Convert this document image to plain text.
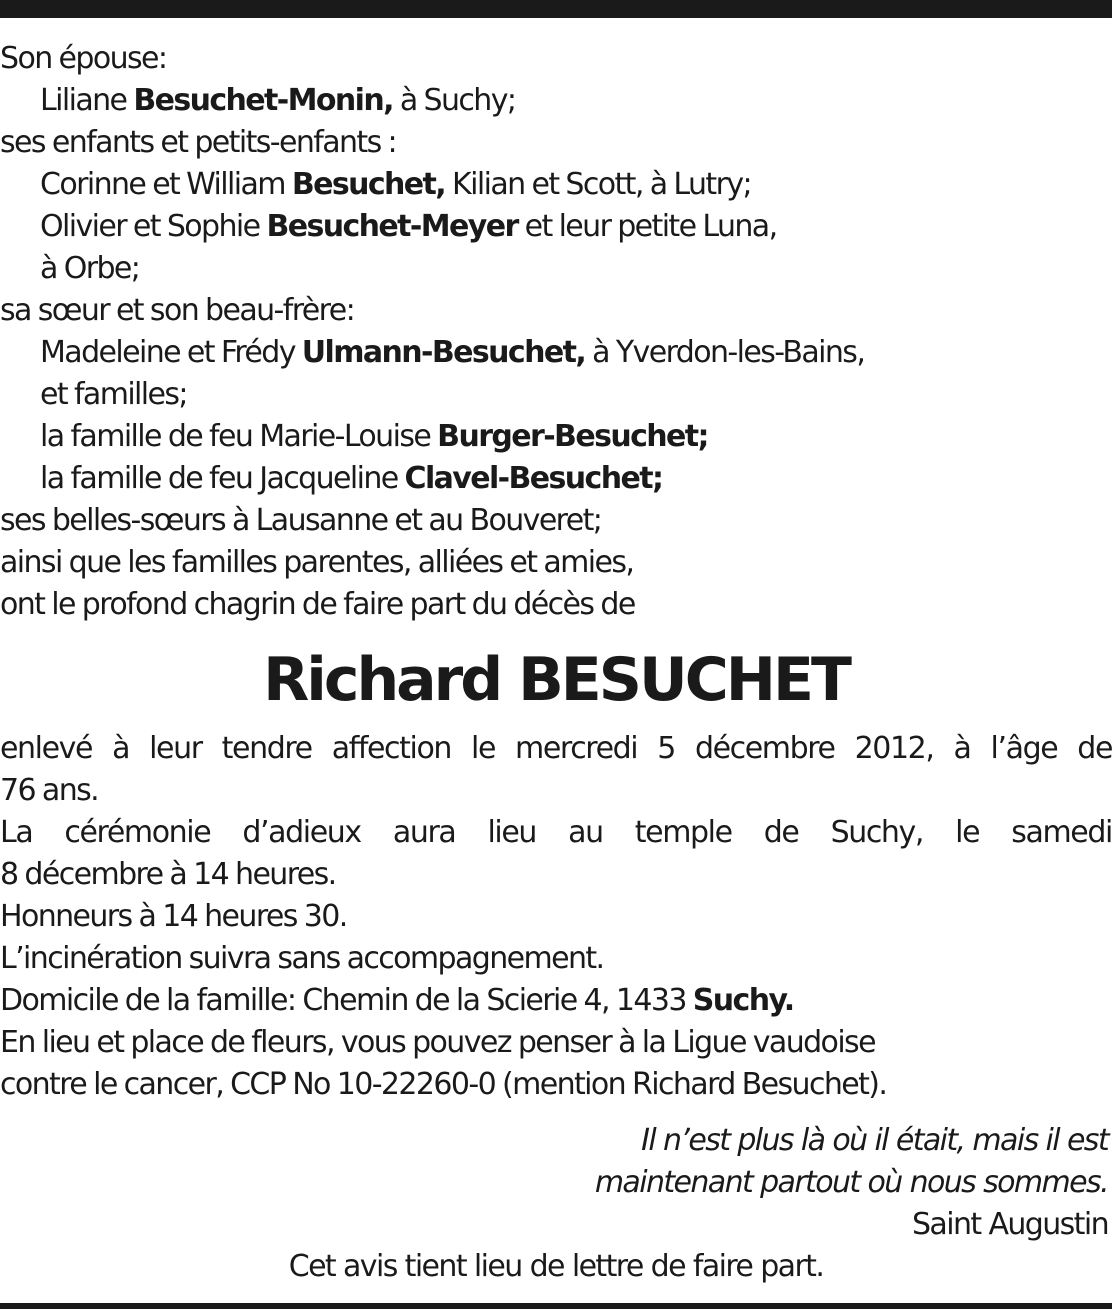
Son épouse:
Liliane Besuchet-Monin, à Suchy;
ses enfants et petits-enfants :
Corinne et William Besuchet, Kilian et Scott, à Lutry;
Olivier et Sophie Besuchet-Meyer et leur petite Luna,
à Orbe;
sa sœur et son beau-frère:
Madeleine et Frédy Ulmann-Besuchet, à Yverdon-les-Bains,
et familles;
la famille de feu Marie-Louise Burger-Besuchet;
la famille de feu Jacqueline Clavel-Besuchet;
ses belles-sœurs à Lausanne et au Bouveret;
ainsi que les familles parentes, alliées et amies,
ont le profond chagrin de faire part du décès de
Richard BESUCHET
enlevé à leur tendre affection le mercredi 5 décembre 2012, à l’âge de
76 ans.
La cérémonie d’adieux aura lieu au temple de Suchy, le samedi
8 décembre à 14 heures.
Honneurs à 14 heures 30.
L’incinération suivra sans accompagnement.
Domicile de la famille: Chemin de la Scierie 4, 1433 Suchy.
En lieu et place de fleurs, vous pouvez penser à la Ligue vaudoise
contre le cancer, CCP No 10-22260-0 (mention Richard Besuchet).
Il n’est plus là où il était, mais il est
maintenant partout où nous sommes.
Saint Augustin
Cet avis tient lieu de lettre de faire part.
